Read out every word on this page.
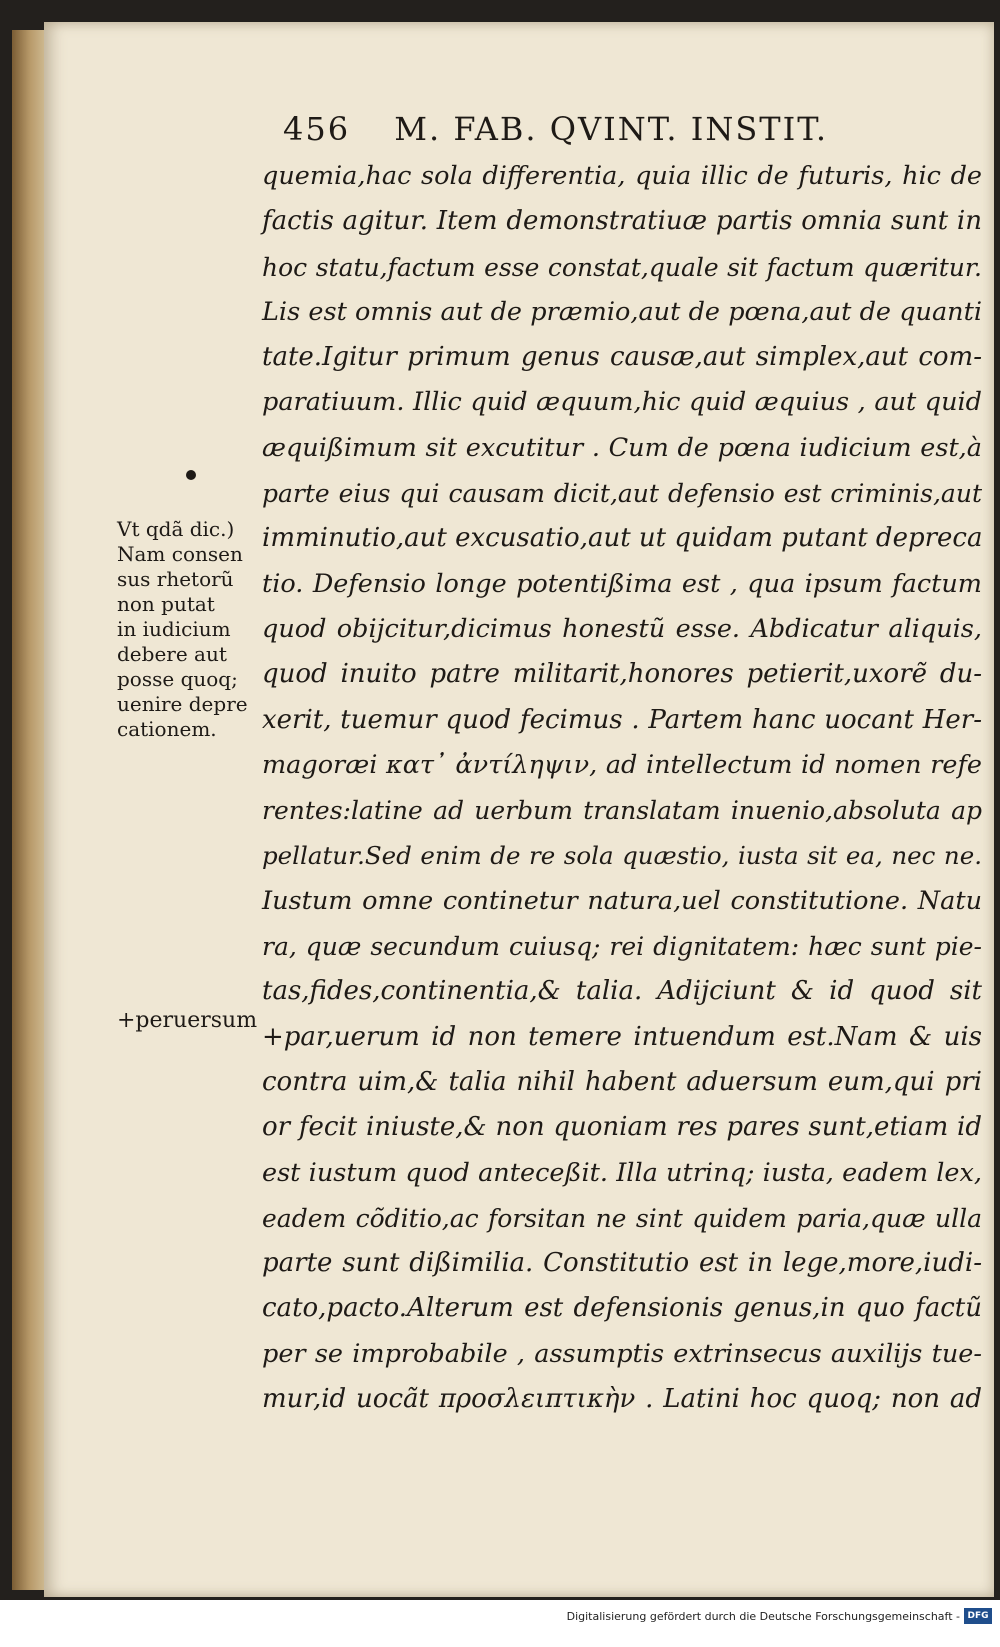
456 M. FAB. QVINT. INSTIT.
Vt qdã dic.)
Nam consen
sus rhetorũ
non putat
in iudicium
debere aut
posse quoq;
uenire depre
cationem.
+peruersum
quemia,hac sola differentia, quia illic de futuris, hic de
factis agitur. Item demonstratiuæ partis omnia sunt in
hoc statu,factum esse constat,quale sit factum quæritur.
Lis est omnis aut de præmio,aut de pœna,aut de quanti
tate.Igitur primum genus causæ,aut simplex,aut com-
paratiuum. Illic quid æquum,hic quid æquius , aut quid
æquißimum sit excutitur . Cum de pœna iudicium est,à
parte eius qui causam dicit,aut defensio est criminis,aut
imminutio,aut excusatio,aut ut quidam putant depreca
tio. Defensio longe potentißima est , qua ipsum factum
quod obijcitur,dicimus honestũ esse. Abdicatur aliquis,
quod inuito patre militarit,honores petierit,uxorẽ du-
xerit, tuemur quod fecimus . Partem hanc uocant Her-
magoræi κατ᾽ ἀντίληψιν, ad intellectum id nomen refe
rentes:latine ad uerbum translatam inuenio,absoluta ap
pellatur.Sed enim de re sola quæstio, iusta sit ea, nec ne.
Iustum omne continetur natura,uel constitutione. Natu
ra, quæ secundum cuiusq; rei dignitatem: hæc sunt pie-
tas,fides,continentia,& talia. Adijciunt & id quod sit
+par,uerum id non temere intuendum est.Nam & uis
contra uim,& talia nihil habent aduersum eum,qui pri
or fecit iniuste,& non quoniam res pares sunt,etiam id
est iustum quod anteceßit. Illa utrinq; iusta, eadem lex,
eadem cõditio,ac forsitan ne sint quidem paria,quæ ulla
parte sunt dißimilia. Constitutio est in lege,more,iudi-
cato,pacto.Alterum est defensionis genus,in quo factũ
per se improbabile , assumptis extrinsecus auxilijs tue-
mur,id uocãt προσλειπτικὴν . Latini hoc quoq; non ad
Digitalisierung gefördert durch die Deutsche Forschungsgemeinschaft - DFG
